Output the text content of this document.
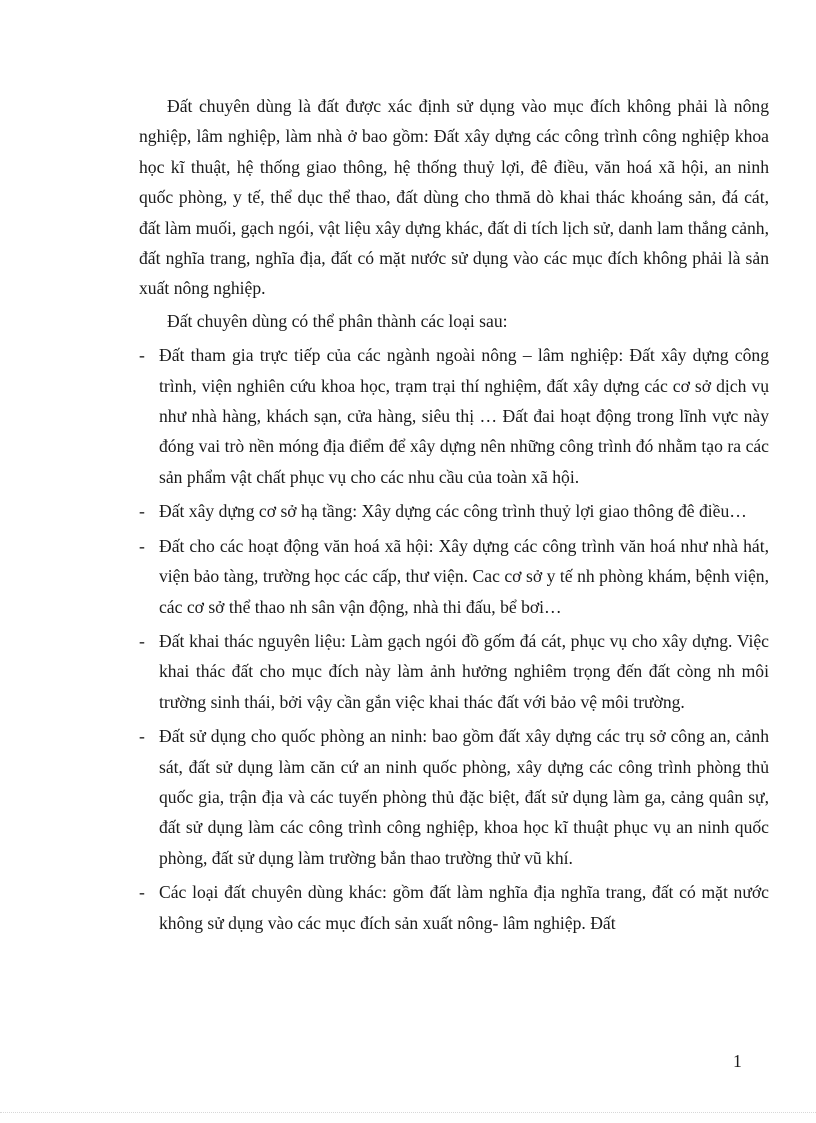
Đất chuyên dùng là đất được xác định sử dụng vào mục đích không phải là nông nghiệp, lâm nghiệp, làm nhà ở bao gồm: Đất xây dựng các công trình công nghiệp khoa học kĩ thuật, hệ thống giao thông, hệ thống thuỷ lợi, đê điều, văn hoá xã hội, an ninh quốc phòng, y tế, thể dục thể thao, đất dùng cho thmă dò khai thác khoáng sản, đá cát, đất làm muối, gạch ngói, vật liệu xây dựng khác, đất di tích lịch sử, danh lam thắng cảnh, đất nghĩa trang, nghĩa địa, đất có mặt nước sử dụng vào các mục đích không phải là sản xuất nông nghiệp.

Đất chuyên dùng có thể phân thành các loại sau:

- Đất tham gia trực tiếp của các ngành ngoài nông – lâm nghiệp: Đất xây dựng công trình, viện nghiên cứu khoa học, trạm trại thí nghiệm, đất xây dựng các cơ sở dịch vụ như nhà hàng, khách sạn, cửa hàng, siêu thị … Đất đai hoạt động trong lĩnh vực này đóng vai trò nền móng địa điểm để xây dựng nên những công trình đó nhằm tạo ra các sản phẩm vật chất phục vụ cho các nhu cầu của toàn xã hội.
- Đất xây dựng cơ sở hạ tầng: Xây dựng các công trình thuỷ lợi giao thông đê điều…
- Đất cho các hoạt động văn hoá xã hội: Xây dựng các công trình văn hoá như nhà hát, viện bảo tàng, trường học các cấp, thư viện. Cac cơ sở y tế nh phòng khám, bệnh viện, các cơ sở thể thao nh sân vận động, nhà thi đấu, bể bơi…
- Đất khai thác nguyên liệu: Làm gạch ngói đồ gốm đá cát, phục vụ cho xây dựng. Việc khai thác đất cho mục đích này làm ảnh hưởng nghiêm trọng đến đất còng nh môi trường sinh thái, bởi vậy cần gắn việc khai thác đất với bảo vệ môi trường.
- Đất sử dụng cho quốc phòng an ninh: bao gồm đất xây dựng các trụ sở công an, cảnh sát, đất sử dụng làm căn cứ an ninh quốc phòng, xây dựng các công trình phòng thủ quốc gia, trận địa và các tuyến phòng thủ đặc biệt, đất sử dụng làm ga, cảng quân sự, đất sử dụng làm các công trình công nghiệp, khoa học kĩ thuật phục vụ an ninh quốc phòng, đất sử dụng làm trường bắn thao trường thử vũ khí.
- Các loại đất chuyên dùng khác: gồm đất làm nghĩa địa nghĩa trang, đất có mặt nước không sử dụng vào các mục đích sản xuất nông- lâm nghiệp. Đất
1
